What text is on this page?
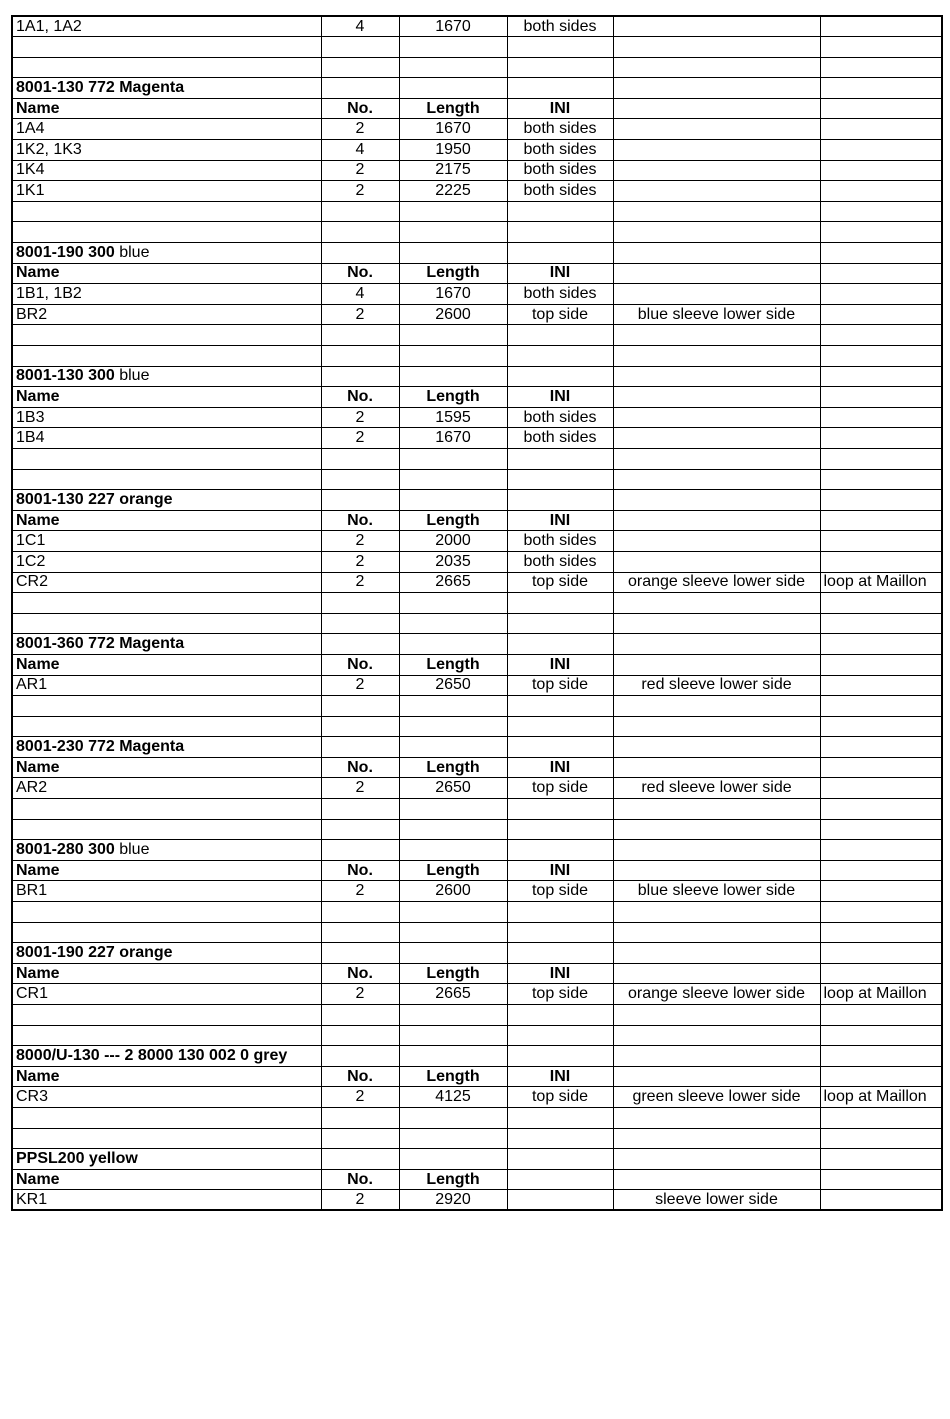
1A1, 1A2	4	1670	both sides		

8001-130 772 Magenta					
Name	No.	Length	INI		
1A4	2	1670	both sides		
1K2, 1K3	4	1950	both sides		
1K4	2	2175	both sides		
1K1	2	2225	both sides		

8001-190 300 blue					
Name	No.	Length	INI		
1B1, 1B2	4	1670	both sides		
BR2	2	2600	top side	blue sleeve lower side	

8001-130 300 blue					
Name	No.	Length	INI		
1B3	2	1595	both sides		
1B4	2	1670	both sides		

8001-130 227 orange					
Name	No.	Length	INI		
1C1	2	2000	both sides		
1C2	2	2035	both sides		
CR2	2	2665	top side	orange sleeve lower side	loop at Maillon

8001-360 772 Magenta					
Name	No.	Length	INI		
AR1	2	2650	top side	red sleeve lower side	

8001-230 772 Magenta					
Name	No.	Length	INI		
AR2	2	2650	top side	red sleeve lower side	

8001-280 300 blue					
Name	No.	Length	INI		
BR1	2	2600	top side	blue sleeve lower side	

8001-190 227 orange					
Name	No.	Length	INI		
CR1	2	2665	top side	orange sleeve lower side	loop at Maillon

8000/U-130 --- 2 8000 130 002 0 grey					
Name	No.	Length	INI		
CR3	2	4125	top side	green sleeve lower side	loop at Maillon

PPSL200 yellow					
Name	No.	Length			
KR1	2	2920		sleeve lower side	
